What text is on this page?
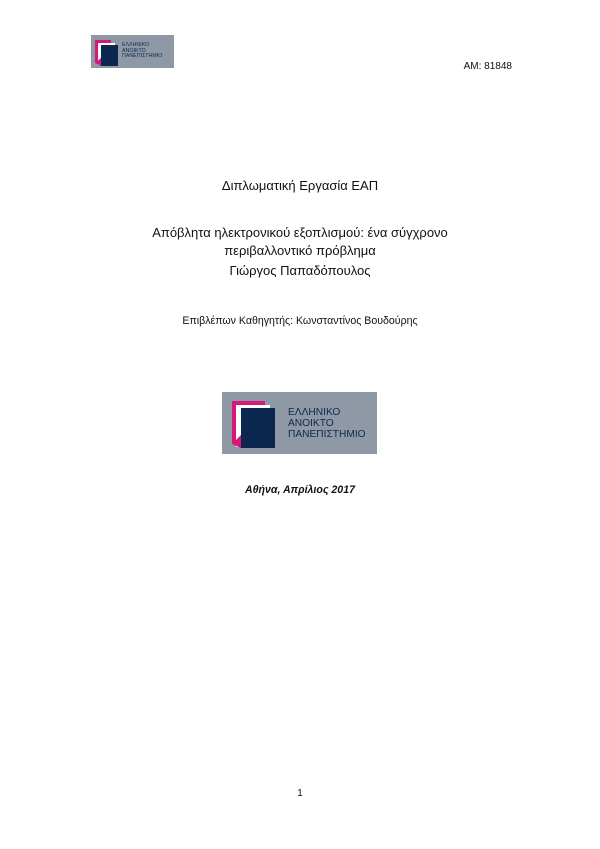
ΕΛΛΗΝΙΚΟ
ΑΝΟΙΚΤΟ
ΠΑΝΕΠΙΣΤΗΜΙΟ
AM: 81848
Διπλωματική Εργασία ΕΑΠ
Απόβλητα ηλεκτρονικού εξοπλισμού: ένα σύγχρονο
περιβαλλοντικό πρόβλημα
Γιώργος Παπαδόπουλος
Επιβλέπων Καθηγητής: Κωνσταντίνος Βουδούρης
ΕΛΛΗΝΙΚΟ
ΑΝΟΙΚΤΟ
ΠΑΝΕΠΙΣΤΗΜΙΟ
Αθήνα, Απρίλιος 2017
1
